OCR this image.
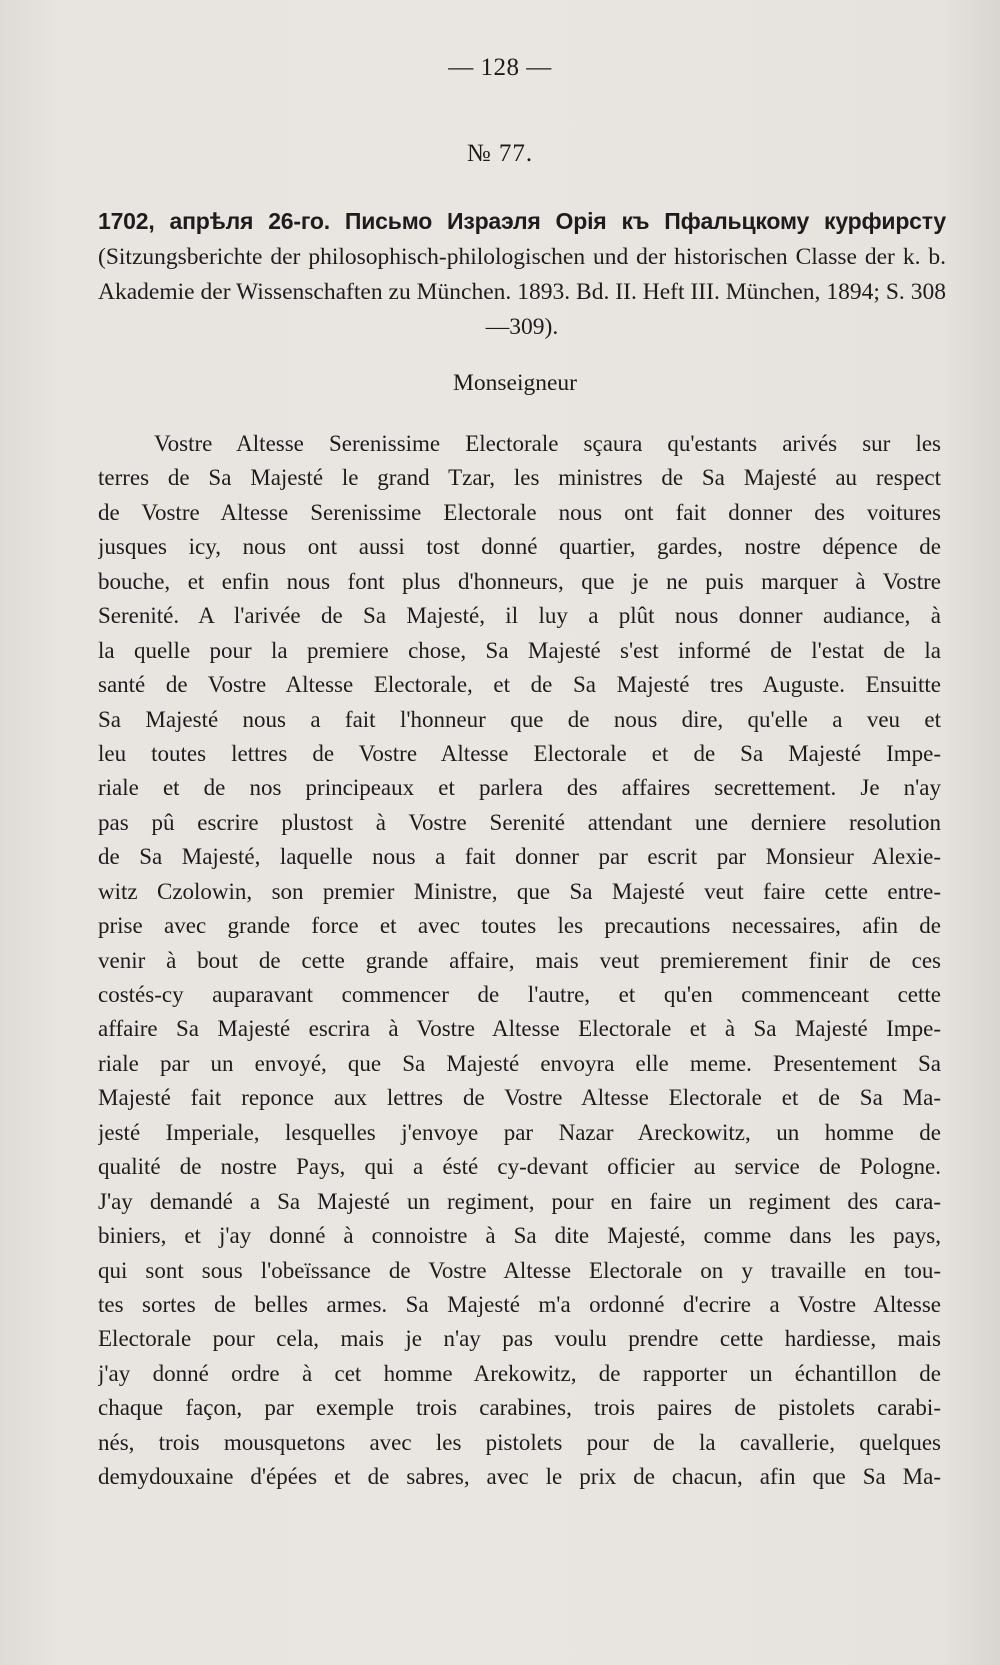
— 128 —
№ 77.
1702, апрѣля 26-го. Письмо Израэля Орія къ Пфальцкому курфирсту (Sitzungsberichte der philosophisch-philologischen und der historischen Classe der k. b. Akademie der Wissenschaften zu München. 1893. Bd. II. Heft III. München, 1894; S. 308—309).
Monseigneur
Vostre Altesse Serenissime Electorale sçaura qu'estants arivés sur les
terres de Sa Majesté le grand Tzar, les ministres de Sa Majesté au respect
de Vostre Altesse Serenissime Electorale nous ont fait donner des voitures
jusques icy, nous ont aussi tost donné quartier, gardes, nostre dépence de
bouche, et enfin nous font plus d'honneurs, que je ne puis marquer à Vostre
Serenité. A l'arivée de Sa Majesté, il luy a plût nous donner audiance, à
la quelle pour la premiere chose, Sa Majesté s'est informé de l'estat de la
santé de Vostre Altesse Electorale, et de Sa Majesté tres Auguste. Ensuitte
Sa Majesté nous a fait l'honneur que de nous dire, qu'elle a veu et
leu toutes lettres de Vostre Altesse Electorale et de Sa Majesté Impe-
riale et de nos principeaux et parlera des affaires secrettement. Je n'ay
pas pû escrire plustost à Vostre Serenité attendant une derniere resolution
de Sa Majesté, laquelle nous a fait donner par escrit par Monsieur Alexie-
witz Czolowin, son premier Ministre, que Sa Majesté veut faire cette entre-
prise avec grande force et avec toutes les precautions necessaires, afin de
venir à bout de cette grande affaire, mais veut premierement finir de ces
costés-cy auparavant commencer de l'autre, et qu'en commenceant cette
affaire Sa Majesté escrira à Vostre Altesse Electorale et à Sa Majesté Impe-
riale par un envoyé, que Sa Majesté envoyra elle meme. Presentement Sa
Majesté fait reponce aux lettres de Vostre Altesse Electorale et de Sa Ma-
jesté Imperiale, lesquelles j'envoye par Nazar Areckowitz, un homme de
qualité de nostre Pays, qui a ésté cy-devant officier au service de Pologne.
J'ay demandé a Sa Majesté un regiment, pour en faire un regiment des cara-
biniers, et j'ay donné à connoistre à Sa dite Majesté, comme dans les pays,
qui sont sous l'obeïssance de Vostre Altesse Electorale on y travaille en tou-
tes sortes de belles armes. Sa Majesté m'a ordonné d'ecrire a Vostre Altesse
Electorale pour cela, mais je n'ay pas voulu prendre cette hardiesse, mais
j'ay donné ordre à cet homme Arekowitz, de rapporter un échantillon de
chaque façon, par exemple trois carabines, trois paires de pistolets carabi-
nés, trois mousquetons avec les pistolets pour de la cavallerie, quelques
demydouxaine d'épées et de sabres, avec le prix de chacun, afin que Sa Ma-
